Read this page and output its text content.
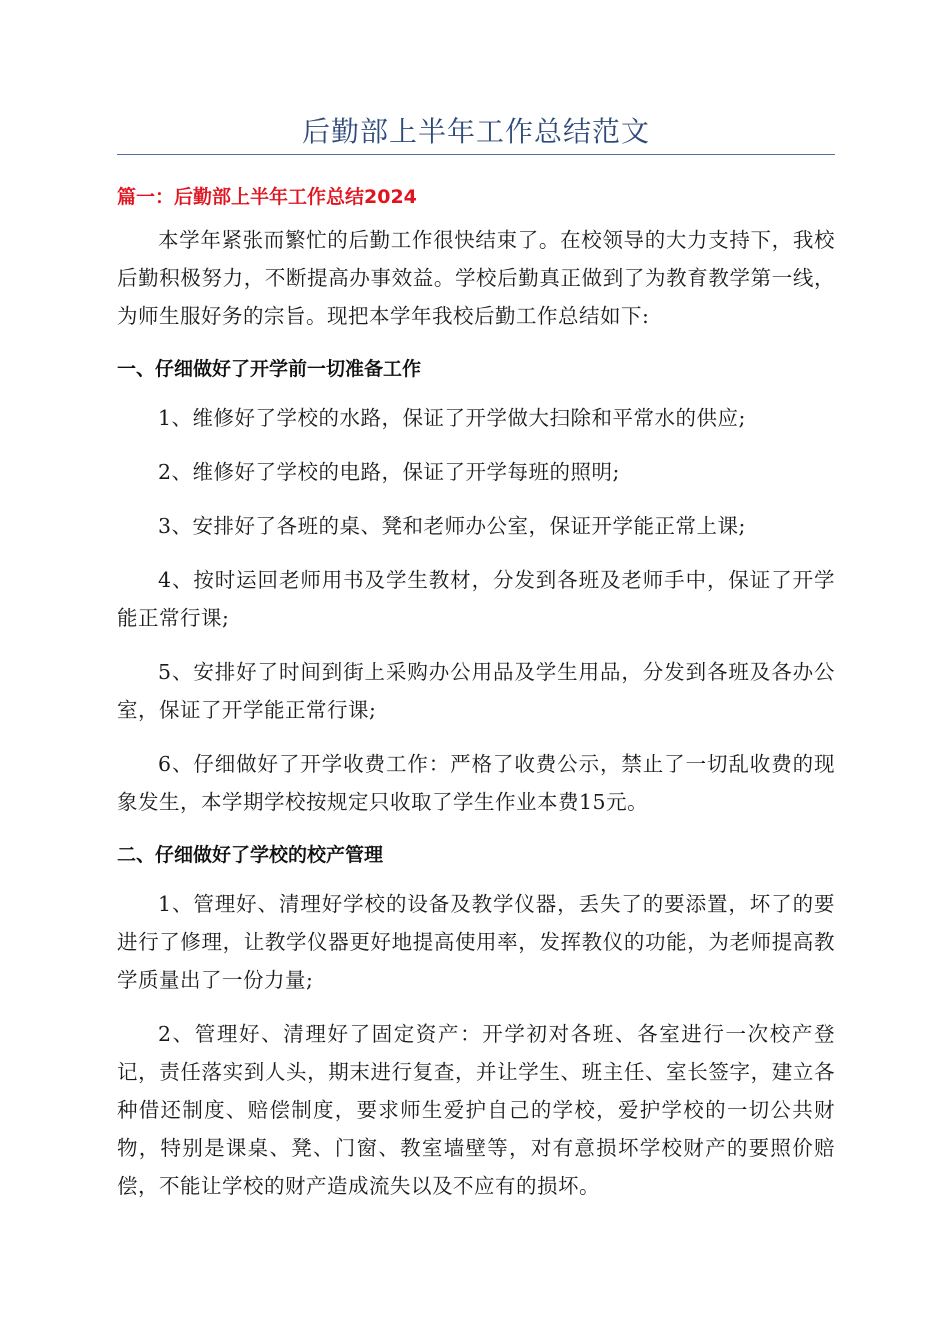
后勤部上半年工作总结范文

篇一：后勤部上半年工作总结2024

本学年紧张而繁忙的后勤工作很快结束了。在校领导的大力支持下，我校后勤积极努力，不断提高办事效益。学校后勤真正做到了为教育教学第一线，为师生服好务的宗旨。现把本学年我校后勤工作总结如下:

一、仔细做好了开学前一切准备工作

1、维修好了学校的水路，保证了开学做大扫除和平常水的供应;

2、维修好了学校的电路，保证了开学每班的照明;

3、安排好了各班的桌、凳和老师办公室，保证开学能正常上课;

4、按时运回老师用书及学生教材，分发到各班及老师手中，保证了开学能正常行课;

5、安排好了时间到街上采购办公用品及学生用品，分发到各班及各办公室，保证了开学能正常行课;

6、仔细做好了开学收费工作：严格了收费公示，禁止了一切乱收费的现象发生，本学期学校按规定只收取了学生作业本费15元。

二、仔细做好了学校的校产管理

1、管理好、清理好学校的设备及教学仪器，丢失了的要添置，坏了的要进行了修理，让教学仪器更好地提高使用率，发挥教仪的功能，为老师提高教学质量出了一份力量;

2、管理好、清理好了固定资产：开学初对各班、各室进行一次校产登记，责任落实到人头，期末进行复查，并让学生、班主任、室长签字，建立各种借还制度、赔偿制度，要求师生爱护自己的学校，爱护学校的一切公共财物，特别是课桌、凳、门窗、教室墙壁等，对有意损坏学校财产的要照价赔偿，不能让学校的财产造成流失以及不应有的损坏。
